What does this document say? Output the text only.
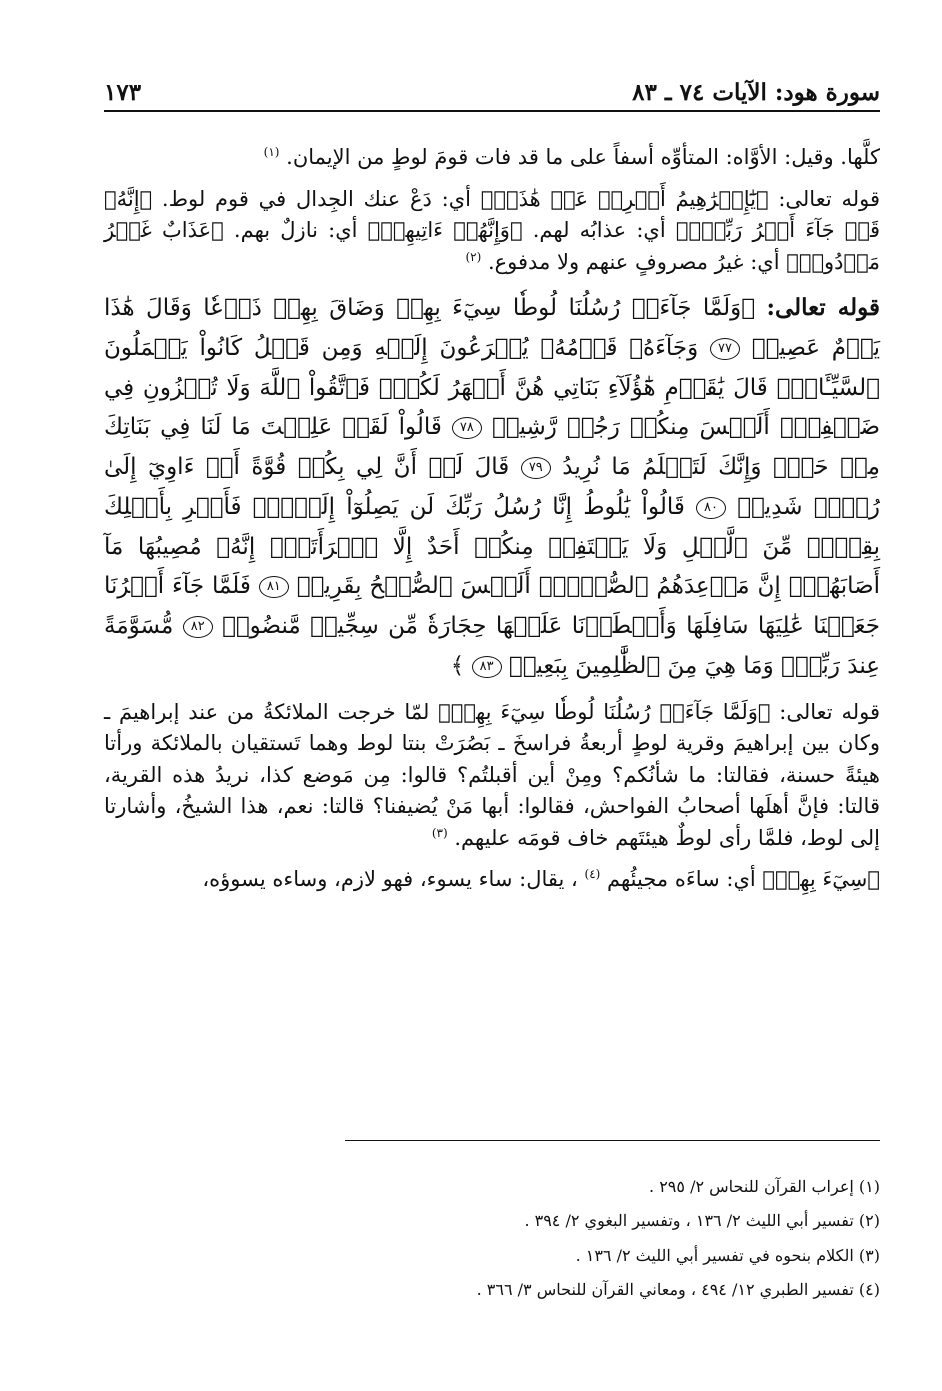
سورة هود: الآيات ٧٤ ـ ٨٣
١٧٣

كلَّها. وقيل: الأوَّاه: المتأوِّه أسفاً على ما قد فات قومَ لوطٍ من الإيمان. $^{(١)}$

قوله تعالى: ﴿يَٰٓإِبۡرَٰهِيمُ أَعۡرِضۡ عَنۡ هَٰذَآۖ﴾ أي: دَعْ عنك الجِدال في قوم لوط. ﴿إِنَّهُۥ قَدۡ جَآءَ أَمۡرُ رَبِّكَۖ﴾ أي: عذابُه لهم. ﴿وَإِنَّهُمۡ ءَاتِيهِمۡ﴾ أي: نازلٌ بهم. ﴿عَذَابٌ غَيۡرُ مَرۡدُودٖ﴾ أي: غيرُ مصروفٍ عنهم ولا مدفوع. $^{(٢)}$

قوله تعالى: ﴿وَلَمَّا جَآءَتۡ رُسُلُنَا لُوطٗا سِيٓءَ بِهِمۡ وَضَاقَ بِهِمۡ ذَرۡعٗا وَقَالَ هَٰذَا يَوۡمٌ عَصِيبٞ ٧٧ وَجَآءَهُۥ قَوۡمُهُۥ يُهۡرَعُونَ إِلَيۡهِ وَمِن قَبۡلُ كَانُواْ يَعۡمَلُونَ ٱلسَّيِّـَٔاتِۚ قَالَ يَٰقَوۡمِ هَٰٓؤُلَآءِ بَنَاتِي هُنَّ أَطۡهَرُ لَكُمۡۖ فَٱتَّقُواْ ٱللَّهَ وَلَا تُخۡزُونِ فِي ضَيۡفِيٓۖ أَلَيۡسَ مِنكُمۡ رَجُلٞ رَّشِيدٞ ٧٨ قَالُواْ لَقَدۡ عَلِمۡتَ مَا لَنَا فِي بَنَاتِكَ مِنۡ حَقّٖ وَإِنَّكَ لَتَعۡلَمُ مَا نُرِيدُ ٧٩ قَالَ لَوۡ أَنَّ لِي بِكُمۡ قُوَّةً أَوۡ ءَاوِيٓ إِلَىٰ رُكۡنٖ شَدِيدٖ ٨٠ قَالُواْ يَٰلُوطُ إِنَّا رُسُلُ رَبِّكَ لَن يَصِلُوٓاْ إِلَيۡكَۖ فَأَسۡرِ بِأَهۡلِكَ بِقِطۡعٖ مِّنَ ٱلَّيۡلِ وَلَا يَلۡتَفِتۡ مِنكُمۡ أَحَدٌ إِلَّا ٱمۡرَأَتَكَۖ إِنَّهُۥ مُصِيبُهَا مَآ أَصَابَهُمۡۚ إِنَّ مَوۡعِدَهُمُ ٱلصُّبۡحُۚ أَلَيۡسَ ٱلصُّبۡحُ بِقَرِيبٖ ٨١ فَلَمَّا جَآءَ أَمۡرُنَا جَعَلۡنَا عَٰلِيَهَا سَافِلَهَا وَأَمۡطَرۡنَا عَلَيۡهَا حِجَارَةٗ مِّن سِجِّيلٖ مَّنضُودٖ ٨٢ مُّسَوَّمَةً عِندَ رَبِّكَۖ وَمَا هِيَ مِنَ ٱلظَّٰلِمِينَ بِبَعِيدٖ ٨٣ ﴾

قوله تعالى: ﴿وَلَمَّا جَآءَتۡ رُسُلُنَا لُوطٗا سِيٓءَ بِهِمۡ﴾ لمّا خرجت الملائكةُ من عند إبراهيمَ ـ وكان بين إبراهيمَ وقرية لوطٍ أربعةُ فراسخَ ـ بَصُرَتْ بنتا لوط وهما تَستقيان بالملائكة ورأتا هيئةً حسنة، فقالتا: ما شأنُكم؟ ومِنْ أين أقبلتُم؟ قالوا: مِن مَوضع كذا، نريدُ هذه القرية، قالتا: فإنَّ أهلَها أصحابُ الفواحش، فقالوا: أبها مَنْ يُضيفنا؟ قالتا: نعم، هذا الشيخُ، وأشارتا إلى لوط، فلمَّا رأى لوطٌ هيئتَهم خاف قومَه عليهم. $^{(٣)}$

﴿سِيٓءَ بِهِمۡ﴾ أي: ساءَه مجيئُهم $^{(٤)}$ ، يقال: ساء يسوء، فهو لازم، وساءه يسوؤه،

(١) إعراب القرآن للنحاس ٢/ ٢٩٥ .
(٢) تفسير أبي الليث ٢/ ١٣٦ ، وتفسير البغوي ٢/ ٣٩٤ .
(٣) الكلام بنحوه في تفسير أبي الليث ٢/ ١٣٦ .
(٤) تفسير الطبري ١٢/ ٤٩٤ ، ومعاني القرآن للنحاس ٣/ ٣٦٦ .
